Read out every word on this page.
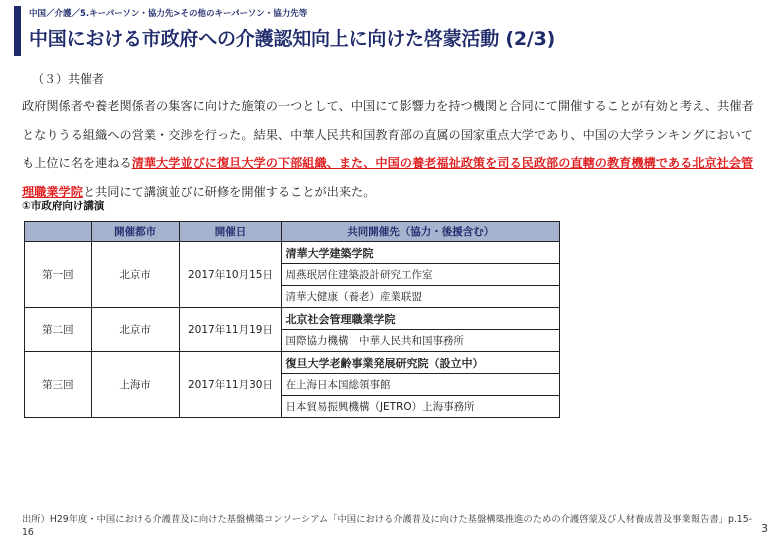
中国／介護／5.キーパーソン・協力先>その他のキーパーソン・協力先等
中国における市政府への介護認知向上に向けた啓蒙活動 (2/3)
（３）共催者
政府関係者や養老関係者の集客に向けた施策の一つとして、中国にて影響力を持つ機関と合同にて開催することが有効と考え、共催者となりうる組織への営業・交渉を行った。結果、中華人民共和国教育部の直属の国家重点大学であり、中国の大学ランキングにおいても上位に名を連ねる清華大学並びに復旦大学の下部組織、また、中国の養老福祉政策を司る民政部の直轄の教育機構である北京社会管理職業学院と共同にて講演並びに研修を開催することが出来た。
①市政府向け講演
	開催都市	開催日	共同開催先（協力・後援含む）
第一回	北京市	2017年10月15日	清華大学建築学院
			周燕珉居住建築設計研究工作室
			清華大健康（養老）産業联盟
第二回	北京市	2017年11月19日	北京社会管理職業学院
			国際協力機構　中華人民共和国事務所
第三回	上海市	2017年11月30日	復旦大学老齢事業発展研究院（設立中）
			在上海日本国総領事館
			日本貿易振興機構（JETRO）上海事務所
出所）H29年度・中国における介護普及に向けた基盤構築コンソーシアム「中国における介護普及に向けた基盤構築推進のための介護啓蒙及び人材養成普及事業報告書」p.15-16	3
